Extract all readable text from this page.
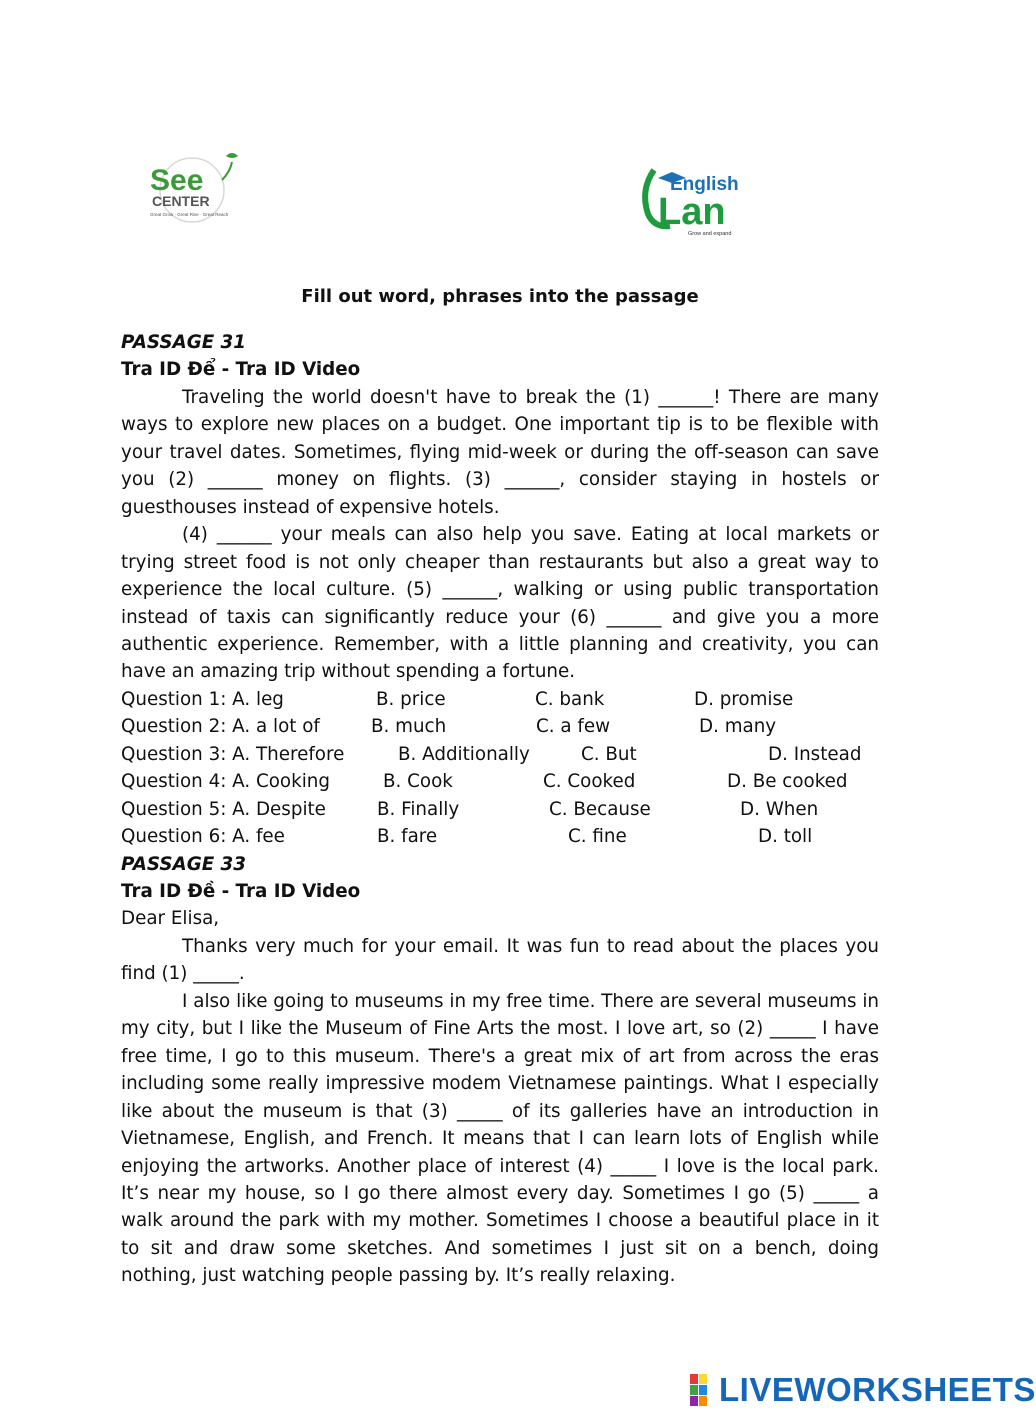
See
CENTER
Great Grow · Great Rise · Great Reach
English
Lan
Grow and expand
Fill out word, phrases into the passage

PASSAGE 31

Tra ID Để - Tra ID Video

Traveling the world doesn't have to break the (1) ______! There are many ways to explore new places on a budget. One important tip is to be flexible with your travel dates. Sometimes, flying mid-week or during the off-season can save you (2) ______ money on flights. (3) ______, consider staying in hostels or guesthouses instead of expensive hotels.

(4) ______ your meals can also help you save. Eating at local markets or trying street food is not only cheaper than restaurants but also a great way to experience the local culture. (5) ______, walking or using public transportation instead of taxis can significantly reduce your (6) ______ and give you a more authentic experience. Remember, with a little planning and creativity, you can have an amazing trip without spending a fortune.

Question 1: A. leg	B. price	C. bank	D. promise
Question 2: A. a lot of	B. much	C. a few	D. many
Question 3: A. Therefore	B. Additionally	C. But	D. Instead
Question 4: A. Cooking	B. Cook	C. Cooked	D. Be cooked
Question 5: A. Despite	B. Finally	C. Because	D. When
Question 6: A. fee	B. fare	C. fine	D. toll

PASSAGE 33

Tra ID Đề - Tra ID Video

Dear Elisa,

Thanks very much for your email. It was fun to read about the places you find (1) _____.

I also like going to museums in my free time. There are several museums in my city, but I like the Museum of Fine Arts the most. I love art, so (2) _____ I have free time, I go to this museum. There's a great mix of art from across the eras including some really impressive modem Vietnamese paintings. What I especially like about the museum is that (3) _____ of its galleries have an introduction in Vietnamese, English, and French. It means that I can learn lots of English while enjoying the artworks. Another place of interest (4) _____ I love is the local park. It’s near my house, so I go there almost every day. Sometimes I go (5) _____ a walk around the park with my mother. Sometimes I choose a beautiful place in it to sit and draw some sketches. And sometimes I just sit on a bench, doing nothing, just watching people passing by. It’s really relaxing.

LIVEWORKSHEETS
